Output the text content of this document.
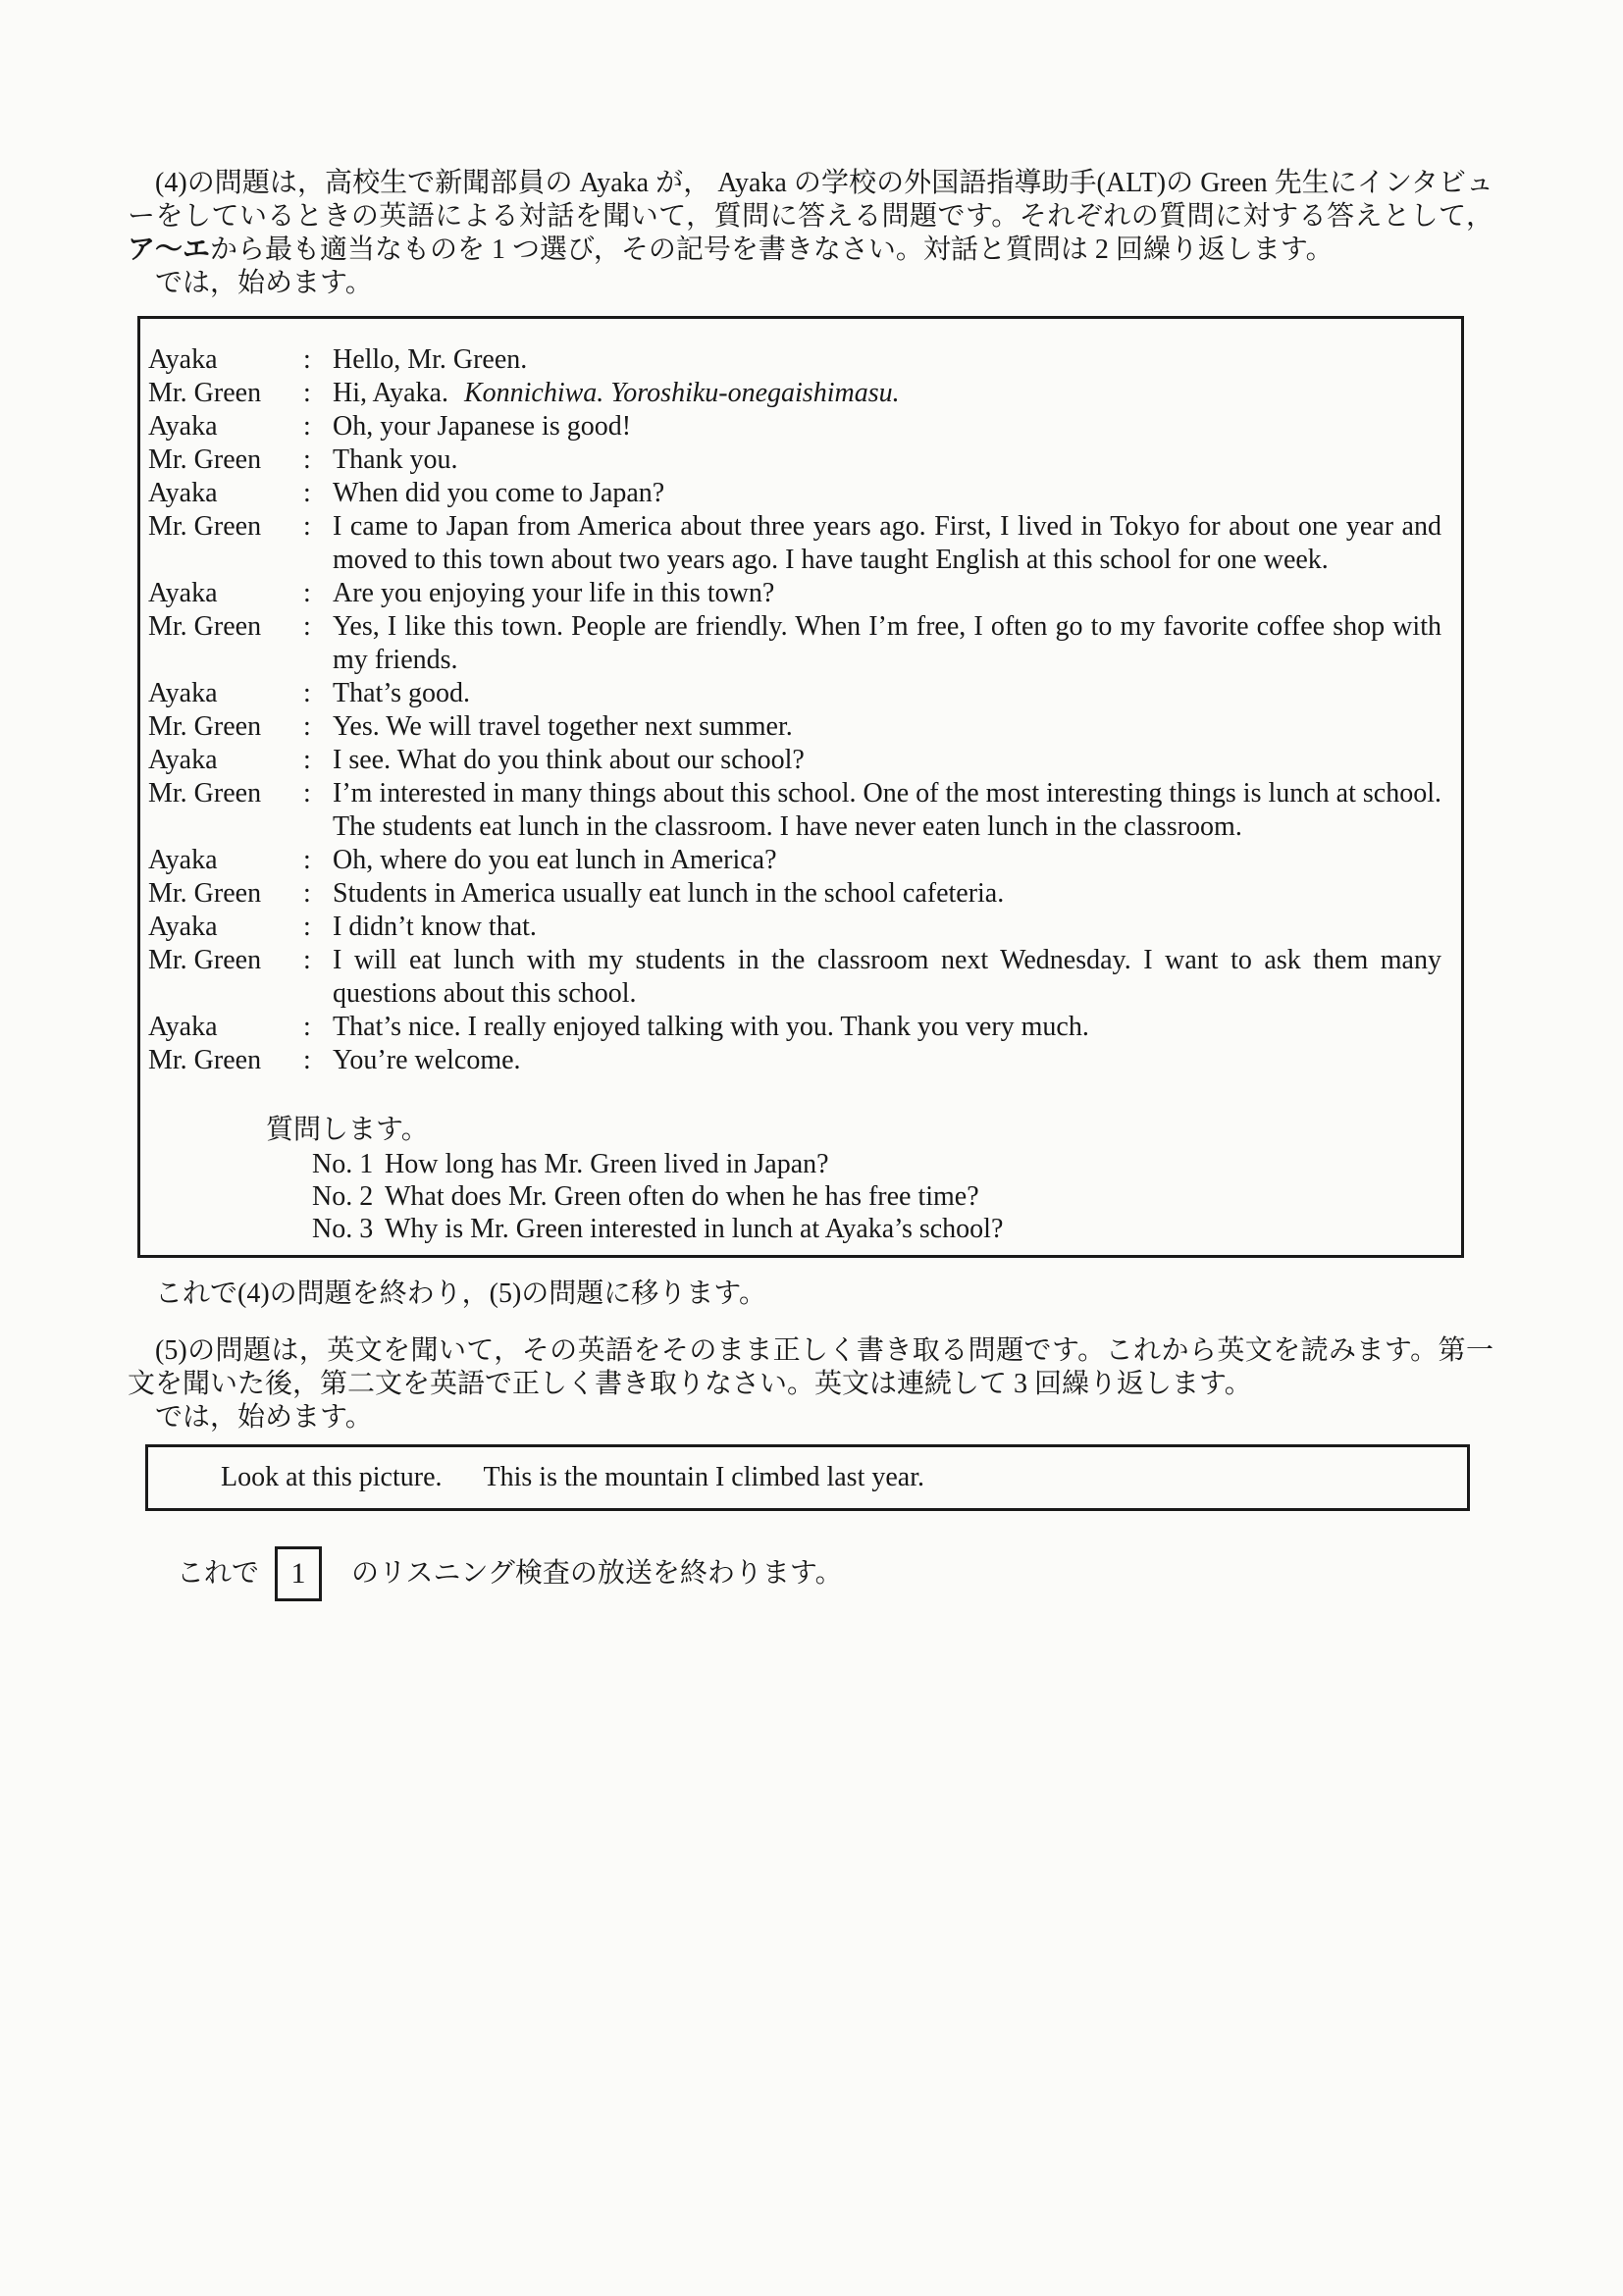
(4)の問題は，高校生で新聞部員の Ayaka が， Ayaka の学校の外国語指導助手(ALT)の Green 先生にインタビューをしているときの英語による対話を聞いて，質問に答える問題です。それぞれの質問に対する答えとして，ア～エから最も適当なものを 1 つ選び，その記号を書きなさい。対話と質問は 2 回繰り返します。

では，始めます。

Ayaka	: Hello, Mr. Green.
Mr. Green	: Hi, Ayaka. Konnichiwa. Yoroshiku-onegaishimasu.
Ayaka	: Oh, your Japanese is good!
Mr. Green	: Thank you.
Ayaka	: When did you come to Japan?
Mr. Green	: I came to Japan from America about three years ago. First, I lived in Tokyo for about one year and moved to this town about two years ago. I have taught English at this school for one week.
Ayaka	: Are you enjoying your life in this town?
Mr. Green	: Yes, I like this town. People are friendly. When I’m free, I often go to my favorite coffee shop with my friends.
Ayaka	: That’s good.
Mr. Green	: Yes. We will travel together next summer.
Ayaka	: I see. What do you think about our school?
Mr. Green	: I’m interested in many things about this school. One of the most interesting things is lunch at school. The students eat lunch in the classroom. I have never eaten lunch in the classroom.
Ayaka	: Oh, where do you eat lunch in America?
Mr. Green	: Students in America usually eat lunch in the school cafeteria.
Ayaka	: I didn’t know that.
Mr. Green	: I will eat lunch with my students in the classroom next Wednesday. I want to ask them many questions about this school.
Ayaka	: That’s nice. I really enjoyed talking with you. Thank you very much.
Mr. Green	: You’re welcome.

質問します。

No. 1 How long has Mr. Green lived in Japan?
No. 2 What does Mr. Green often do when he has free time?
No. 3 Why is Mr. Green interested in lunch at Ayaka’s school?

これで(4)の問題を終わり，(5)の問題に移ります。

(5)の問題は，英文を聞いて，その英語をそのまま正しく書き取る問題です。これから英文を読みます。第一文を聞いた後，第二文を英語で正しく書き取りなさい。英文は連続して 3 回繰り返します。

では，始めます。

Look at this picture. This is the mountain I climbed last year.
これで	1	のリスニング検査の放送を終わります。
